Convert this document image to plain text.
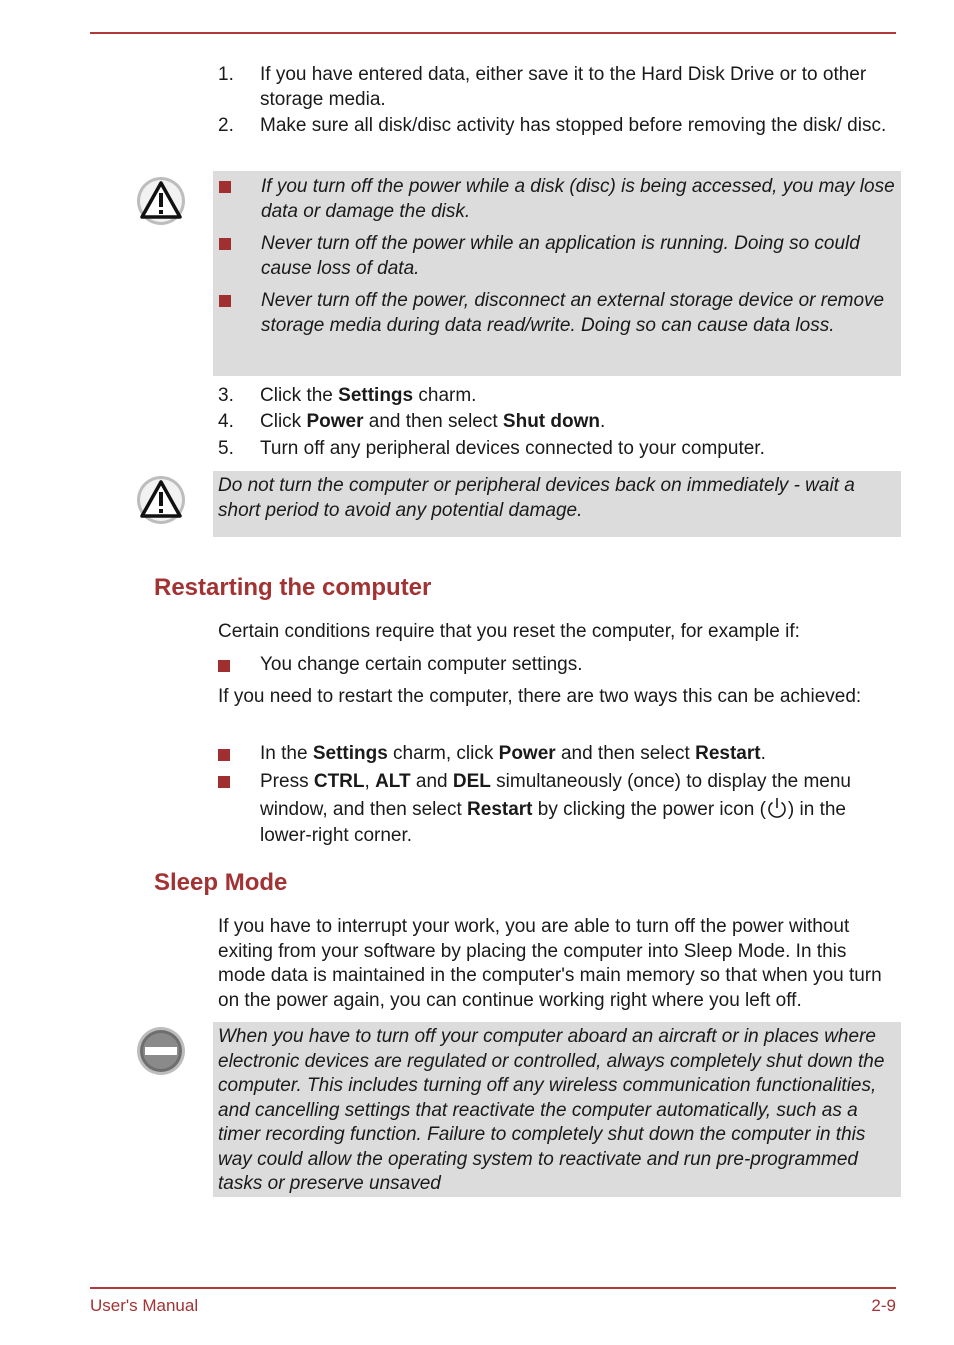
1. If you have entered data, either save it to the Hard Disk Drive or to other storage media.
2. Make sure all disk/disc activity has stopped before removing the disk/ disc.
If you turn off the power while a disk (disc) is being accessed, you may lose data or damage the disk.
Never turn off the power while an application is running. Doing so could cause loss of data.
Never turn off the power, disconnect an external storage device or remove storage media during data read/write. Doing so can cause data loss.
3. Click the Settings charm.
4. Click Power and then select Shut down.
5. Turn off any peripheral devices connected to your computer.
Do not turn the computer or peripheral devices back on immediately - wait a short period to avoid any potential damage.
Restarting the computer
Certain conditions require that you reset the computer, for example if:
You change certain computer settings.
If you need to restart the computer, there are two ways this can be achieved:
In the Settings charm, click Power and then select Restart.
Press CTRL, ALT and DEL simultaneously (once) to display the menu window, and then select Restart by clicking the power icon ( ) in the lower-right corner.
Sleep Mode
If you have to interrupt your work, you are able to turn off the power without exiting from your software by placing the computer into Sleep Mode. In this mode data is maintained in the computer's main memory so that when you turn on the power again, you can continue working right where you left off.
When you have to turn off your computer aboard an aircraft or in places where electronic devices are regulated or controlled, always completely shut down the computer. This includes turning off any wireless communication functionalities, and cancelling settings that reactivate the computer automatically, such as a timer recording function. Failure to completely shut down the computer in this way could allow the operating system to reactivate and run pre-programmed tasks or preserve unsaved
User's Manual	2-9
